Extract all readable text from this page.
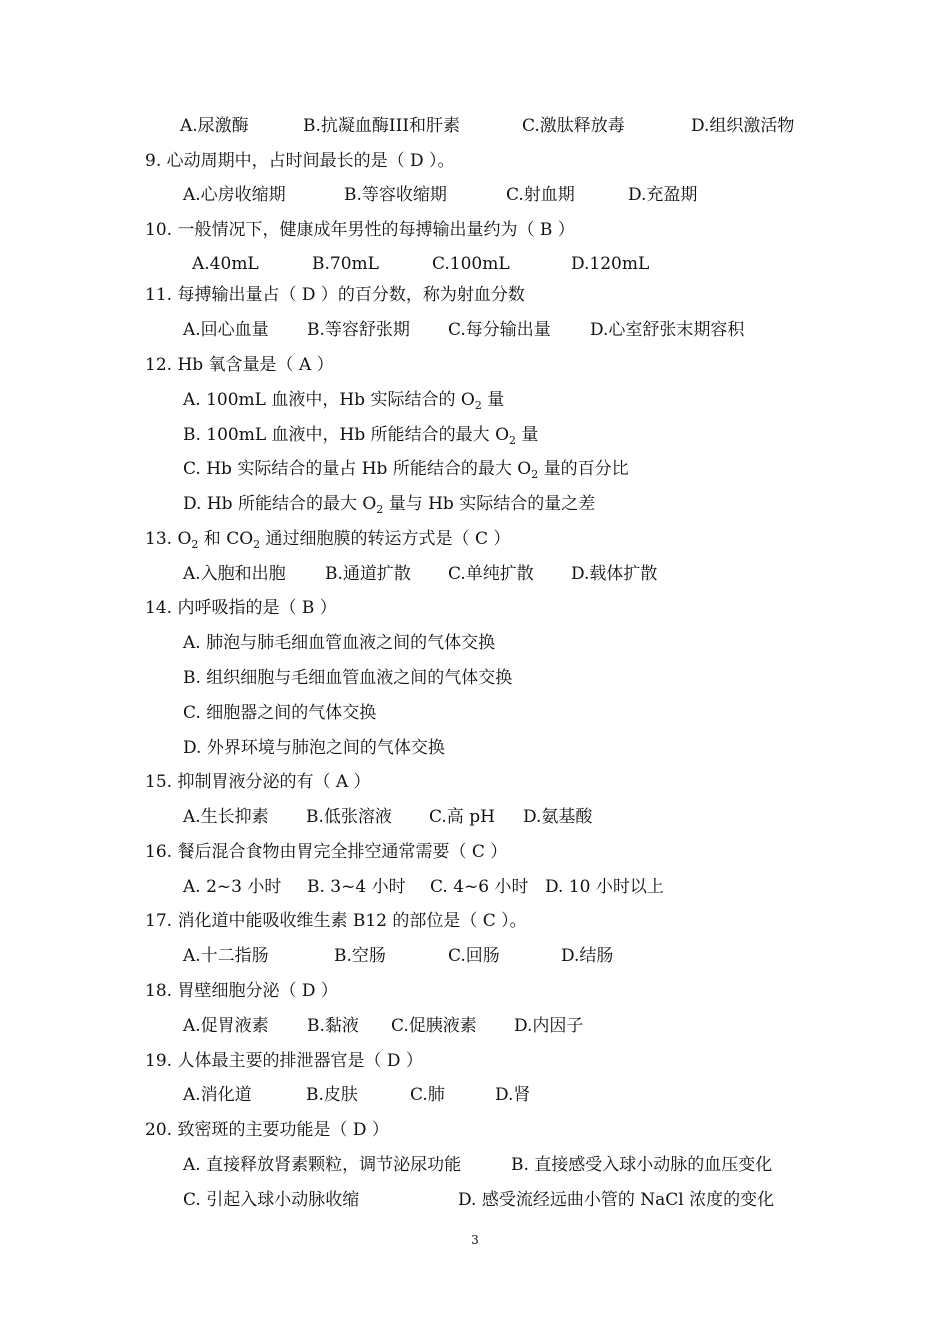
A.尿激酶	B.抗凝血酶III和肝素	C.激肽释放毒	D.组织激活物
9. 心动周期中，占时间最长的是（ D ）。
A.心房收缩期	B.等容收缩期	C.射血期	D.充盈期
10. 一般情况下，健康成年男性的每搏输出量约为（ B ）
A.40mL	B.70mL	C.100mL	D.120mL
11. 每搏输出量占（ D ）的百分数，称为射血分数
A.回心血量 B.等容舒张期 C.每分输出量 D.心室舒张末期容积
12. Hb 氧含量是（ A ）
A. 100mL 血液中，Hb 实际结合的 $O_2$ 量
B. 100mL 血液中，Hb 所能结合的最大 $O_2$ 量
C. Hb 实际结合的量占 Hb 所能结合的最大 $O_2$ 量的百分比
D. Hb 所能结合的最大 $O_2$ 量与 Hb 实际结合的量之差
13. $O_2$ 和 $CO_2$ 通过细胞膜的转运方式是（ C ）
A.入胞和出胞 B.通道扩散 C.单纯扩散 D.载体扩散
14. 内呼吸指的是（ B ）
A. 肺泡与肺毛细血管血液之间的气体交换
B. 组织细胞与毛细血管血液之间的气体交换
C. 细胞器之间的气体交换
D. 外界环境与肺泡之间的气体交换
15. 抑制胃液分泌的有（ A ）
A.生长抑素 B.低张溶液 C.高 pH D.氨基酸
16. 餐后混合食物由胃完全排空通常需要（ C ）
A. 2~3 小时 B. 3~4 小时 C. 4~6 小时 D. 10 小时以上
17. 消化道中能吸收维生素 B12 的部位是（ C ）。
A.十二指肠	B.空肠	C.回肠	D.结肠
18. 胃壁细胞分泌（ D ）
A.促胃液素 B.黏液 C.促胰液素 D.内因子
19. 人体最主要的排泄器官是（ D ）
A.消化道	B.皮肤	C.肺	D.肾
20. 致密斑的主要功能是（ D ）
A. 直接释放肾素颗粒，调节泌尿功能	B. 直接感受入球小动脉的血压变化
C. 引起入球小动脉收缩	D. 感受流经远曲小管的 NaCl 浓度的变化
3
